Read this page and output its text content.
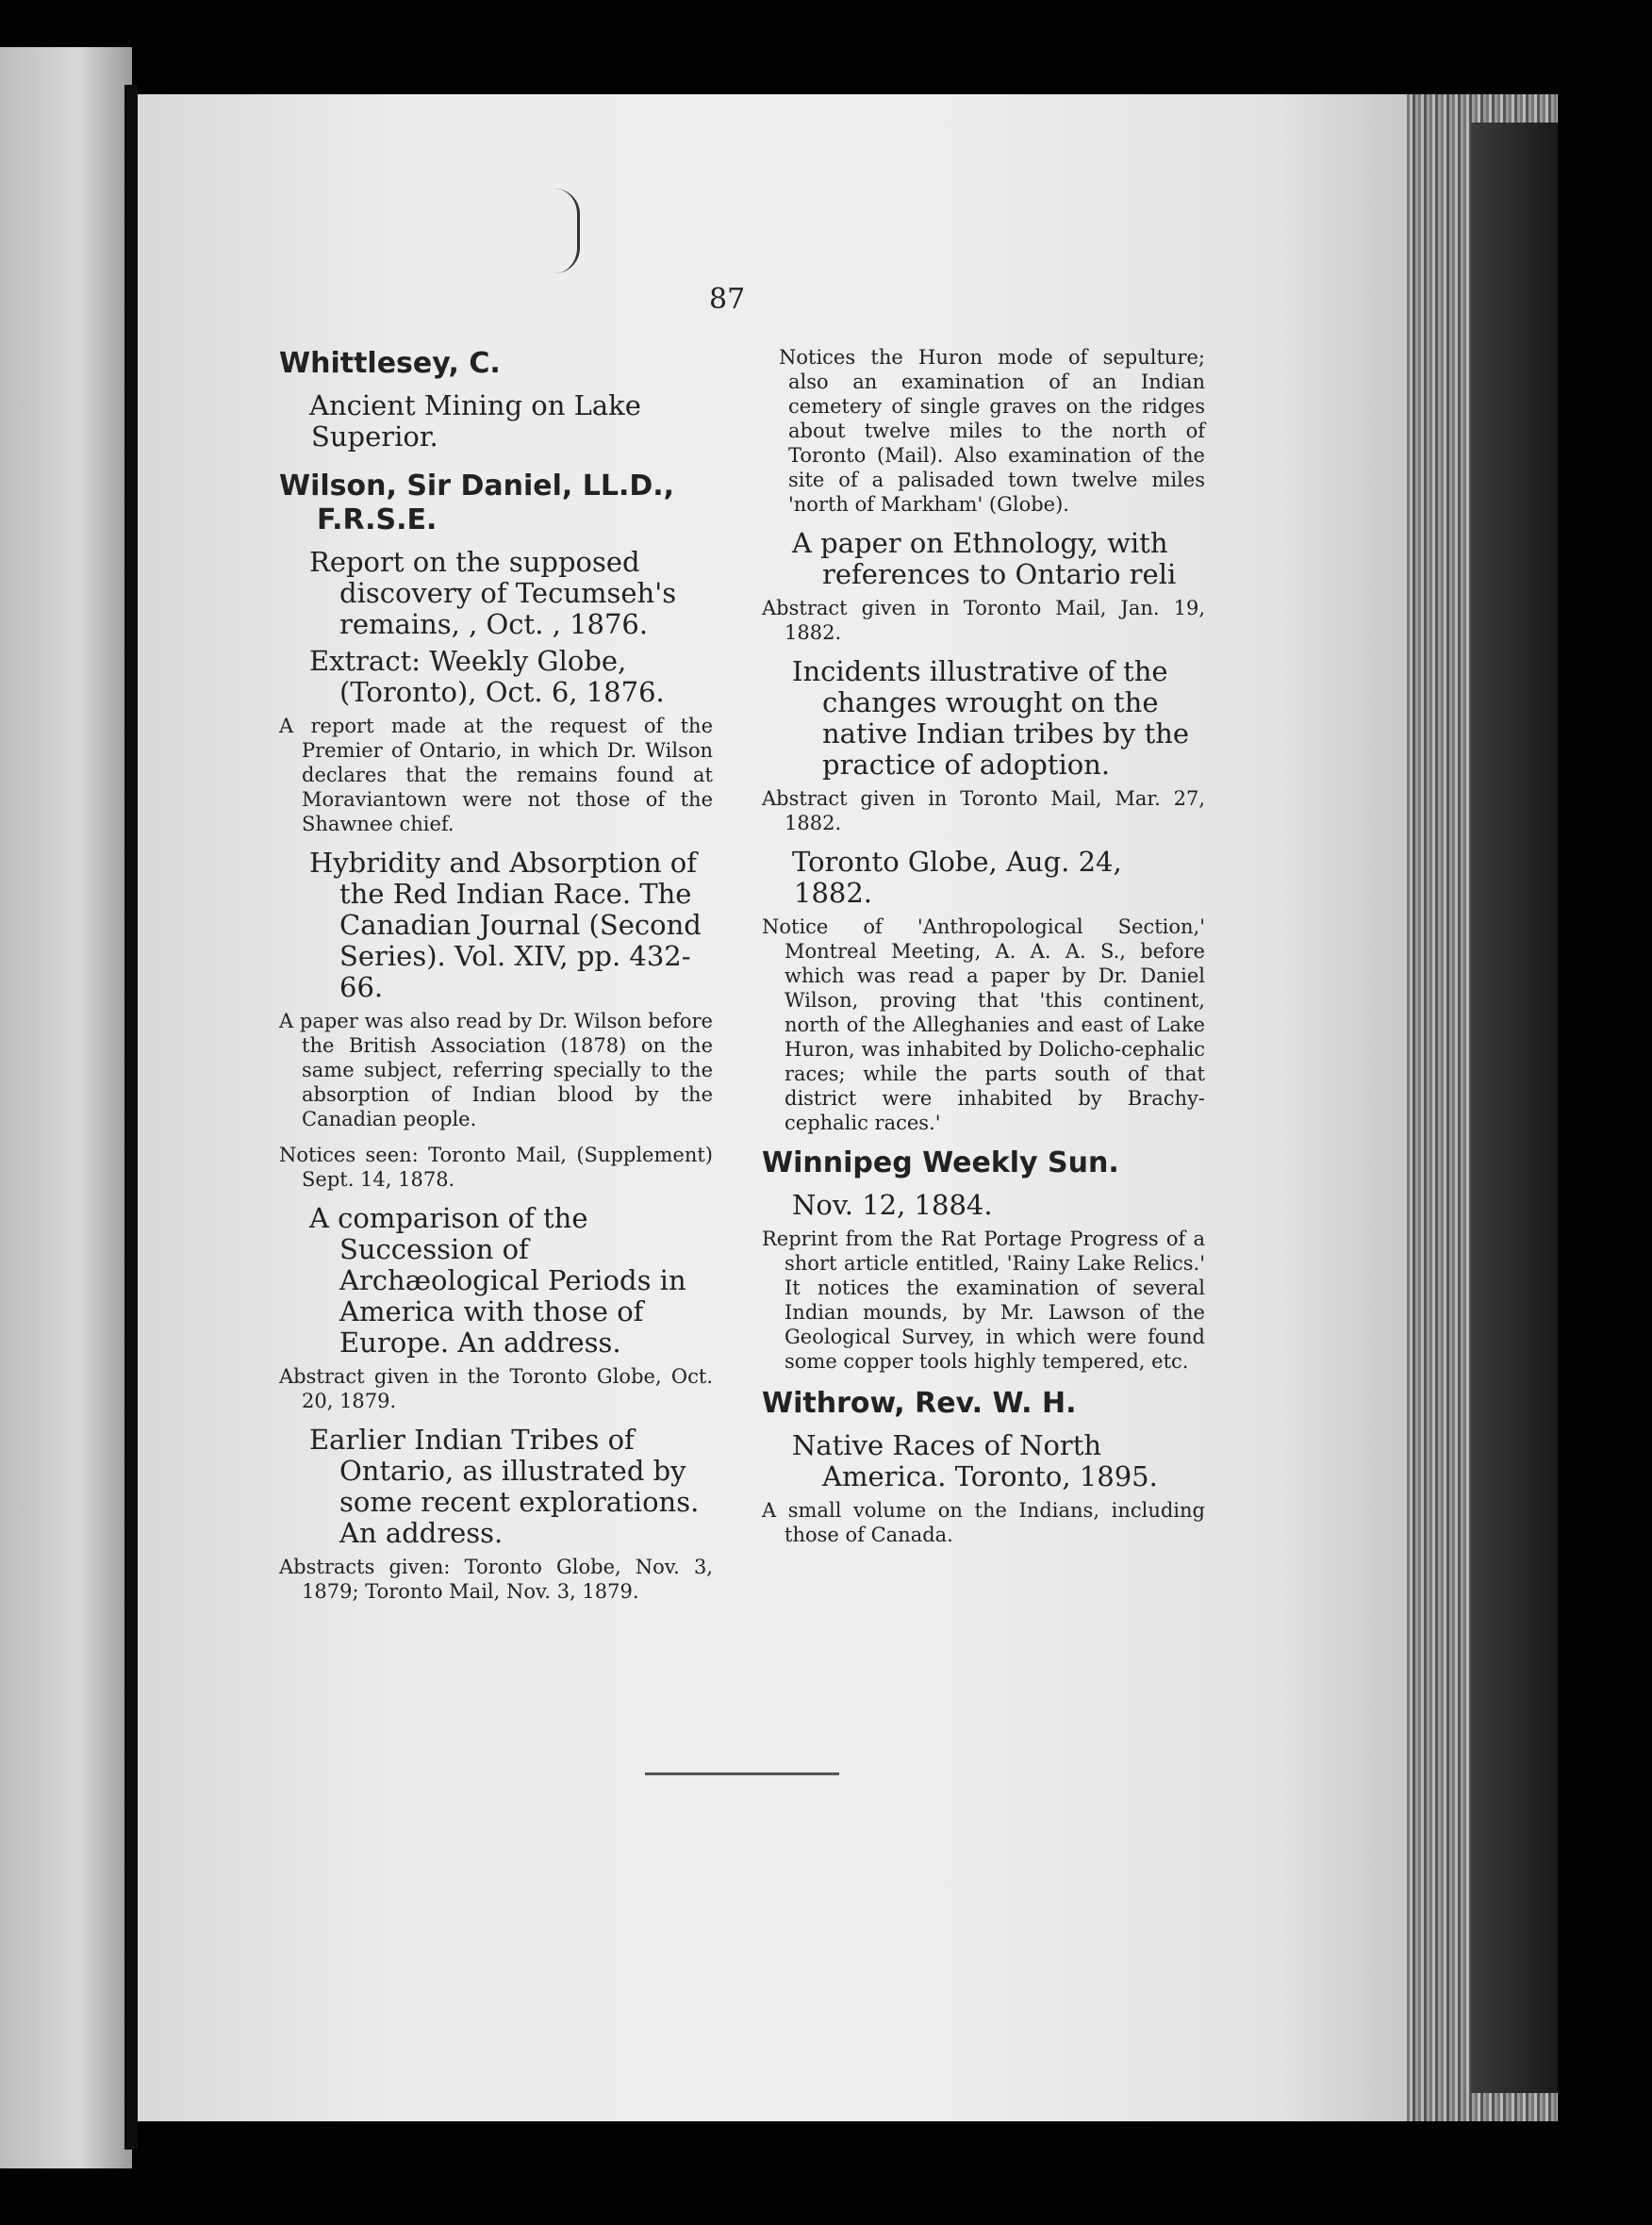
87
Whittlesey, C.
Ancient Mining on Lake Superior.
Wilson, Sir Daniel, LL.D.,
F.R.S.E.
Report on the supposed discovery of Tecumseh's remains, , Oct. , 1876.
Extract: Weekly Globe, (Toronto), Oct. 6, 1876.
A report made at the request of the Premier of Ontario, in which Dr. Wilson declares that the remains found at Moraviantown were not those of the Shawnee chief.
Hybridity and Absorption of the Red Indian Race. The Canadian Journal (Second Series). Vol. XIV, pp. 432-66.
A paper was also read by Dr. Wilson before the British Association (1878) on the same subject, referring specially to the absorption of Indian blood by the Canadian people.
Notices seen: Toronto Mail, (Supplement) Sept. 14, 1878.
A comparison of the Succession of Archæological Periods in America with those of Europe. An address.
Abstract given in the Toronto Globe, Oct. 20, 1879.
Earlier Indian Tribes of Ontario, as illustrated by some recent explorations. An address.
Abstracts given: Toronto Globe, Nov. 3, 1879; Toronto Mail, Nov. 3, 1879.
Notices the Huron mode of sepulture; also an examination of an Indian cemetery of single graves on the ridges about twelve miles to the north of Toronto (Mail). Also examination of the site of a palisaded town twelve miles 'north of Markham' (Globe).
A paper on Ethnology, with references to Ontario reli
Abstract given in Toronto Mail, Jan. 19, 1882.
Incidents illustrative of the changes wrought on the native Indian tribes by the practice of adoption.
Abstract given in Toronto Mail, Mar. 27, 1882.
Toronto Globe, Aug. 24, 1882.
Notice of 'Anthropological Section,' Montreal Meeting, A. A. A. S., before which was read a paper by Dr. Daniel Wilson, proving that 'this continent, north of the Alleghanies and east of Lake Huron, was inhabited by Dolicho-cephalic races; while the parts south of that district were inhabited by Brachy-cephalic races.'
Winnipeg Weekly Sun.
Nov. 12, 1884.
Reprint from the Rat Portage Progress of a short article entitled, 'Rainy Lake Relics.' It notices the examination of several Indian mounds, by Mr. Lawson of the Geological Survey, in which were found some copper tools highly tempered, etc.
Withrow, Rev. W. H.
Native Races of North America. Toronto, 1895.
A small volume on the Indians, including those of Canada.
